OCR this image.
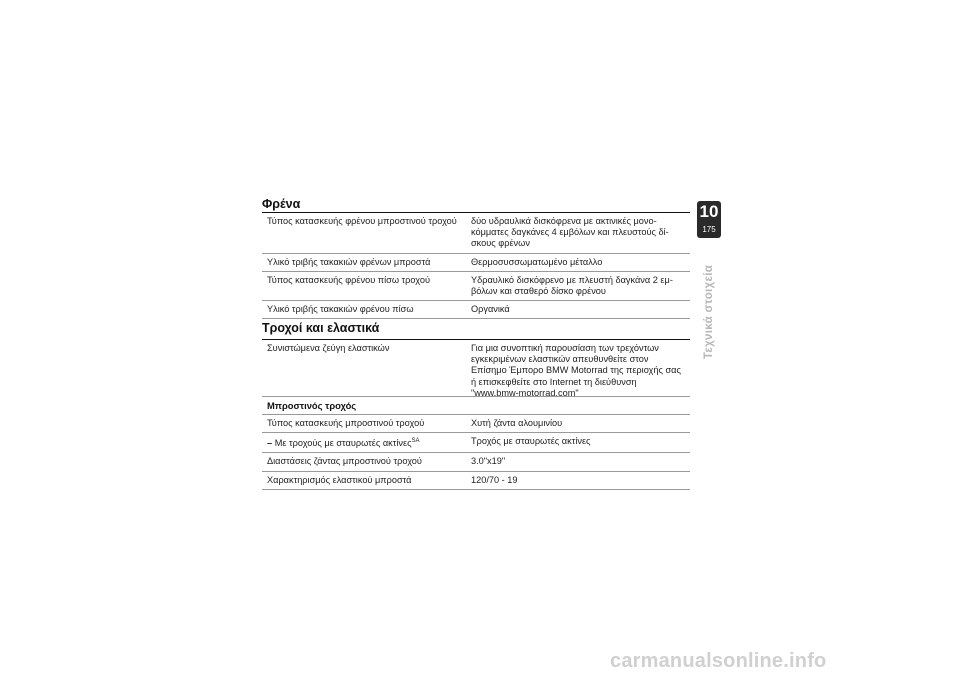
Φρένα
Τύπος κατασκευής φρένου μπροστινού τροχού	δύο υδραυλικά δισκόφρενα με ακτινικές μονο-κόμματες δαγκάνες 4 εμβόλων και πλευστούς δί-σκους φρένων
Υλικό τριβής τακακιών φρένων μπροστά	Θερμοσυσσωματωμένο μέταλλο
Τύπος κατασκευής φρένου πίσω τροχού	Υδραυλικό δισκόφρενο με πλευστή δαγκάνα 2 εμ-βόλων και σταθερό δίσκο φρένου
Υλικό τριβής τακακιών φρένου πίσω	Οργανικά
Τροχοί και ελαστικά
Συνιστώμενα ζεύγη ελαστικών	Για μια συνοπτική παρουσίαση των τρεχόντων εγκεκριμένων ελαστικών απευθυνθείτε στον Επίσημο Έμπορο BMW Motorrad της περιοχής σας ή επισκεφθείτε στο Internet τη διεύθυνση "www.bmw-motorrad.com"
Μπροστινός τροχός
Τύπος κατασκευής μπροστινού τροχού	Χυτή ζάντα αλουμινίου
– Με τροχούς με σταυρωτές ακτίνες$^{SA}$	Τροχός με σταυρωτές ακτίνες
Διαστάσεις ζάντας μπροστινού τροχού	3.0"x19"
Χαρακτηρισμός ελαστικού μπροστά	120/70 - 19
10
175
Τεχνικά στοιχεία
carmanualsonline.info
